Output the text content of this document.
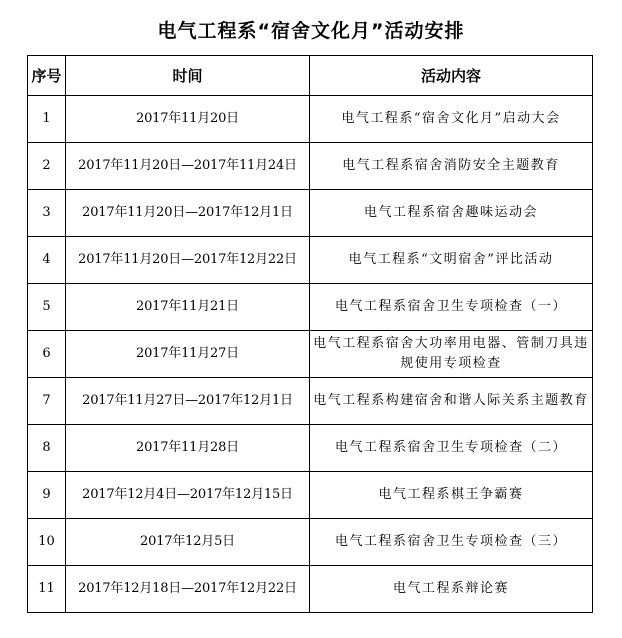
电气工程系“宿舍文化月”活动安排
序号	时间	活动内容
1	2017年11月20日	电气工程系“宿舍文化月”启动大会
2	2017年11月20日—2017年11月24日	电气工程系宿舍消防安全主题教育
3	2017年11月20日—2017年12月1日	电气工程系宿舍趣味运动会
4	2017年11月20日—2017年12月22日	电气工程系“文明宿舍”评比活动
5	2017年11月21日	电气工程系宿舍卫生专项检查（一）
6	2017年11月27日	电气工程系宿舍大功率用电器、管制刀具违规使用专项检查
7	2017年11月27日—2017年12月1日	电气工程系构建宿舍和谐人际关系主题教育
8	2017年11月28日	电气工程系宿舍卫生专项检查（二）
9	2017年12月4日—2017年12月15日	电气工程系棋王争霸赛
10	2017年12月5日	电气工程系宿舍卫生专项检查（三）
11	2017年12月18日—2017年12月22日	电气工程系辩论赛
